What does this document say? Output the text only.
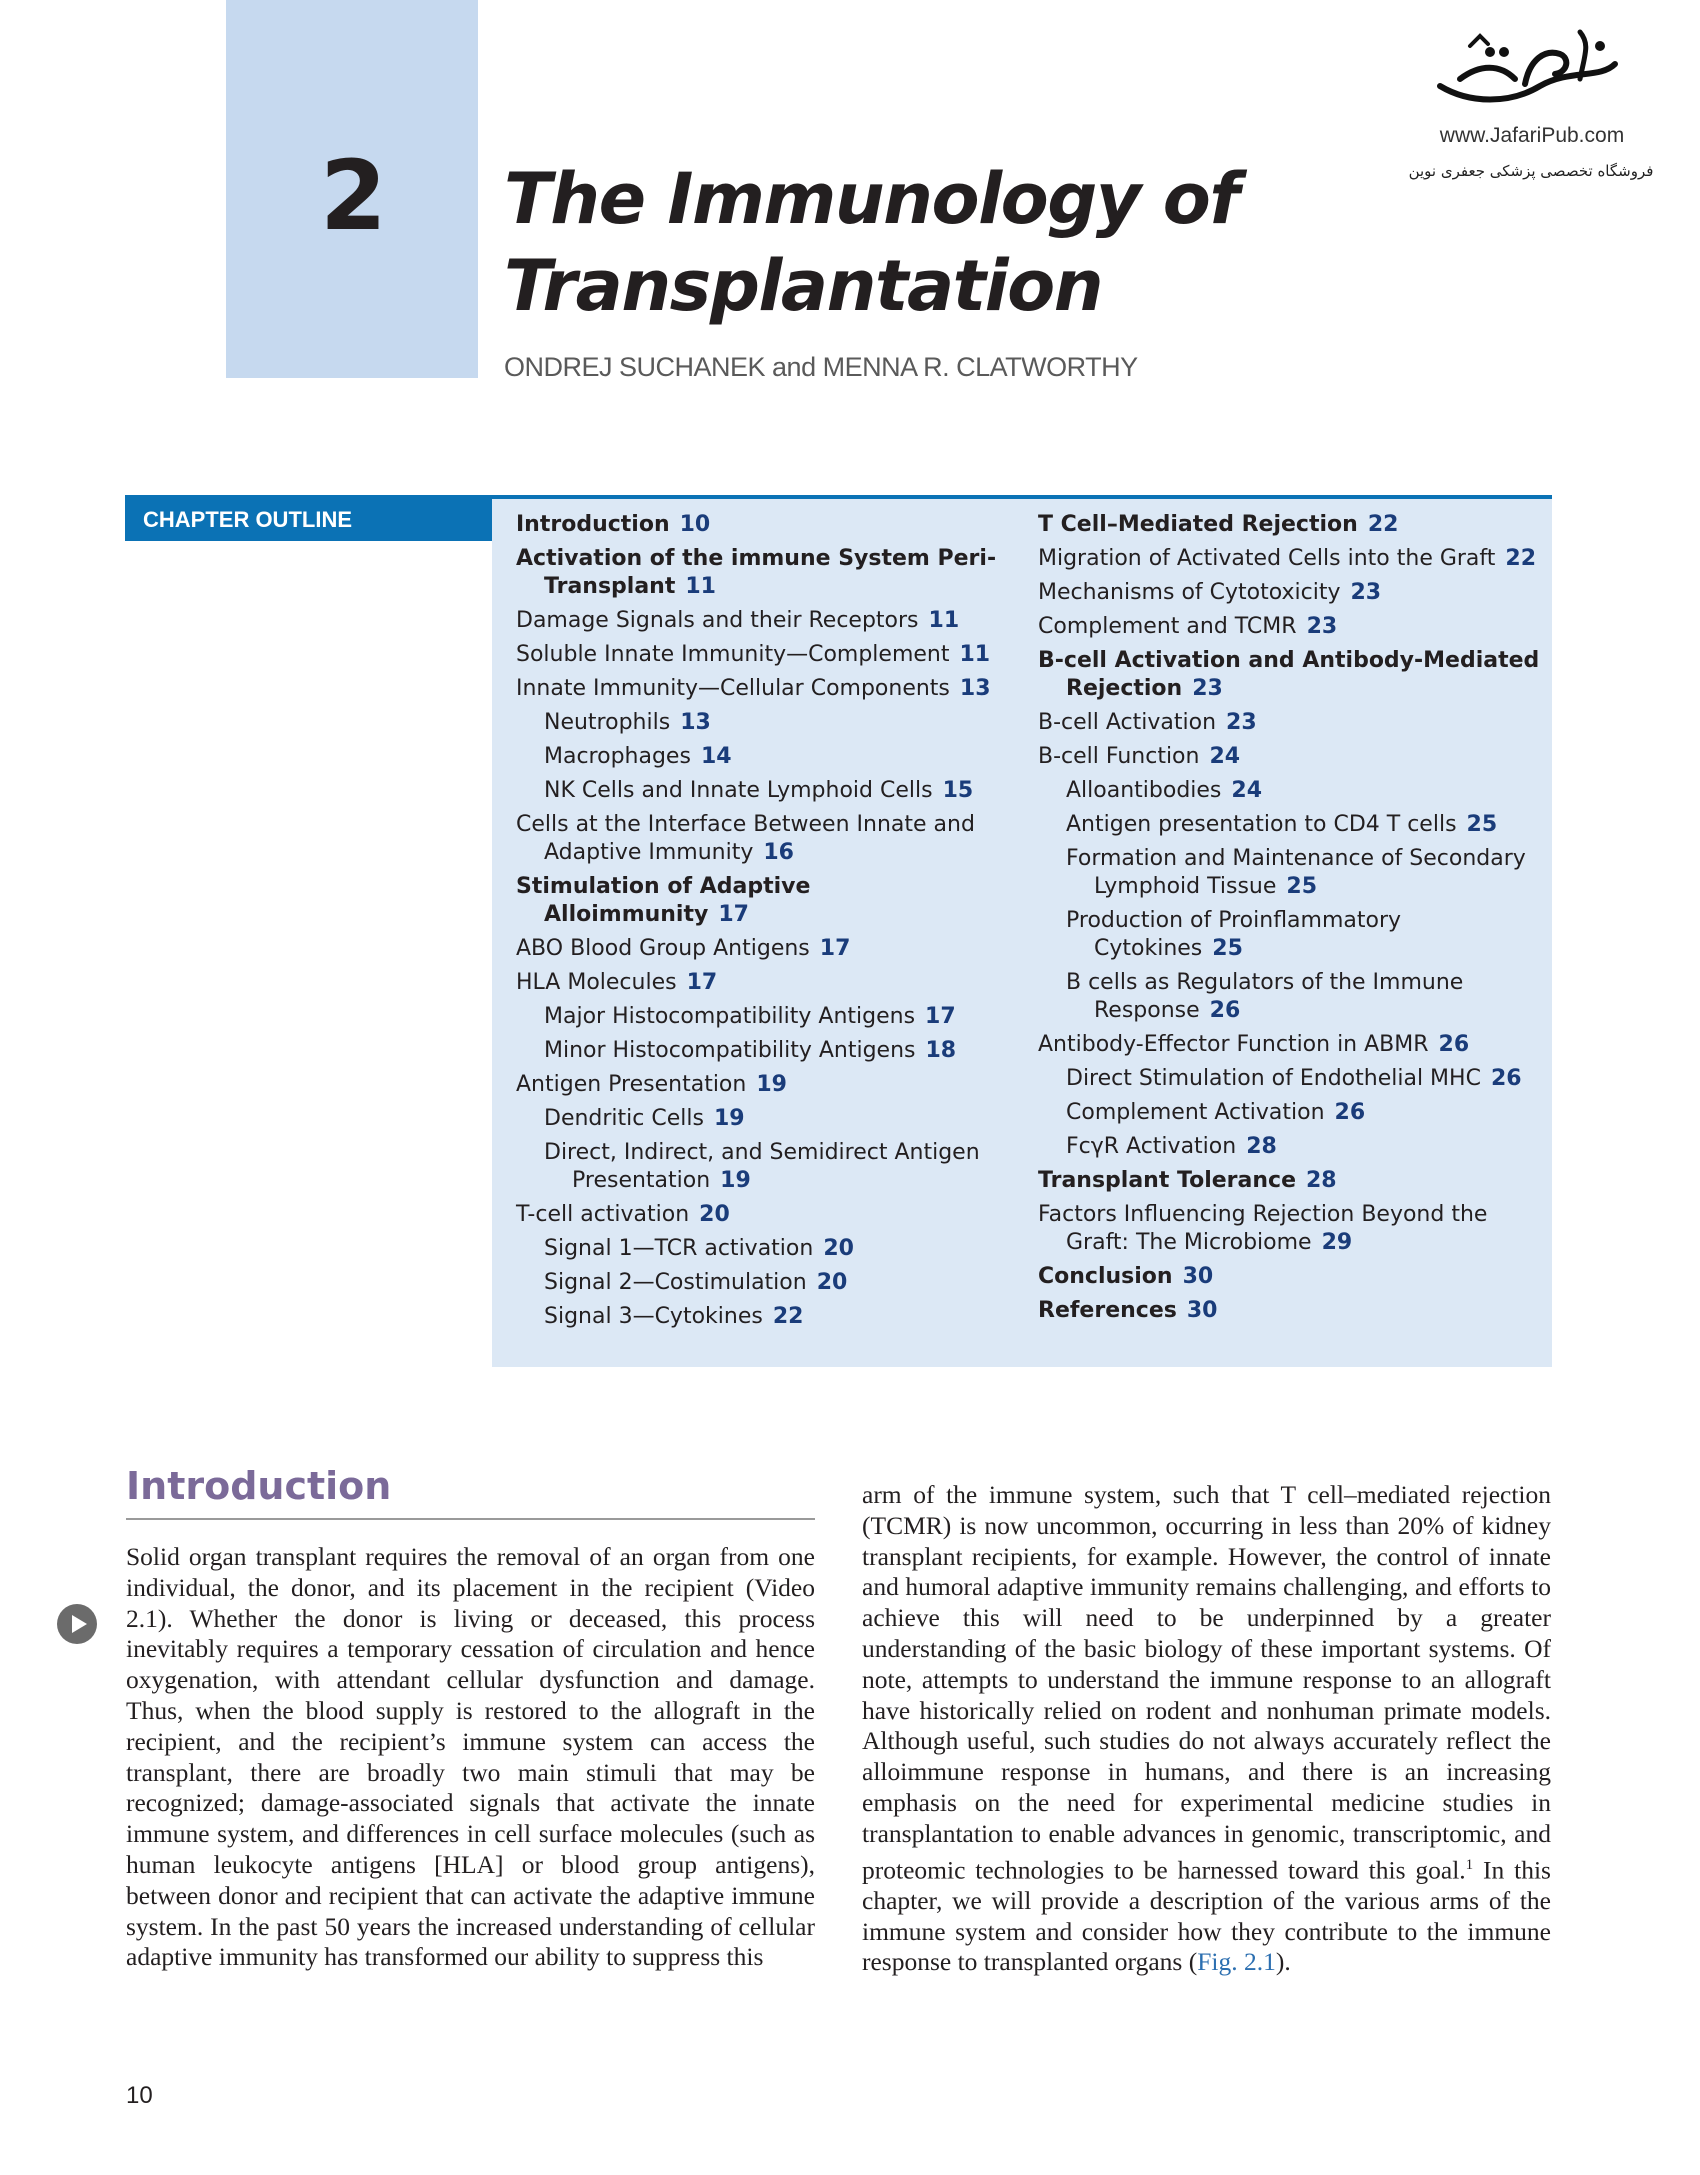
2 The Immunology of
Transplantation
ONDREJ SUCHANEK and MENNA R. CLATWORTHY
www.JafariPub.com
فروشگاه تخصصی پزشکی جعفری نوین
CHAPTER OUTLINE	Introduction 10
Activation of the immune System Peri-Transplant 11
Damage Signals and their Receptors 11
Soluble Innate Immunity—Complement 11
Innate Immunity—Cellular Components 13
Neutrophils 13
Macrophages 14
NK Cells and Innate Lymphoid Cells 15
Cells at the Interface Between Innate and Adaptive Immunity 16
Stimulation of Adaptive Alloimmunity 17
ABO Blood Group Antigens 17
HLA Molecules 17
Major Histocompatibility Antigens 17
Minor Histocompatibility Antigens 18
Antigen Presentation 19
Dendritic Cells 19
Direct, Indirect, and Semidirect Antigen Presentation 19
T-cell activation 20
Signal 1—TCR activation 20
Signal 2—Costimulation 20
Signal 3—Cytokines 22
T Cell–Mediated Rejection 22
Migration of Activated Cells into the Graft 22
Mechanisms of Cytotoxicity 23
Complement and TCMR 23
B-cell Activation and Antibody-Mediated Rejection 23
B-cell Activation 23
B-cell Function 24
Alloantibodies 24
Antigen presentation to CD4 T cells 25
Formation and Maintenance of Secondary Lymphoid Tissue 25
Production of Proinflammatory Cytokines 25
B cells as Regulators of the Immune Response 26
Antibody-Effector Function in ABMR 26
Direct Stimulation of Endothelial MHC 26
Complement Activation 26
FcγR Activation 28
Transplant Tolerance 28
Factors Influencing Rejection Beyond the Graft: The Microbiome 29
Conclusion 30
References 30
Introduction

Solid organ transplant requires the removal of an organ from one individual, the donor, and its placement in the recipient (Video 2.1). Whether the donor is living or deceased, this process inevitably requires a temporary cessation of circulation and hence oxygenation, with attendant cellular dysfunction and damage. Thus, when the blood supply is restored to the allograft in the recipient, and the recipient’s immune system can access the transplant, there are broadly two main stimuli that may be recognized; damage-associated signals that activate the innate immune system, and differences in cell surface molecules (such as human leukocyte antigens [HLA] or blood group antigens), between donor and recipient that can activate the adaptive immune system. In the past 50 years the increased understanding of cellular adaptive immunity has transformed our ability to suppress this

arm of the immune system, such that T cell–mediated rejection (TCMR) is now uncommon, occurring in less than 20% of kidney transplant recipients, for example. However, the control of innate and humoral adaptive immunity remains challenging, and efforts to achieve this will need to be underpinned by a greater understanding of the basic biology of these important systems. Of note, attempts to understand the immune response to an allograft have historically relied on rodent and nonhuman primate models. Although useful, such studies do not always accurately reflect the alloimmune response in humans, and there is an increasing emphasis on the need for experimental medicine studies in transplantation to enable advances in genomic, transcriptomic, and proteomic technologies to be harnessed toward this goal.$^1$ In this chapter, we will provide a description of the various arms of the immune system and consider how they contribute to the immune response to transplanted organs (Fig. 2.1).

10
